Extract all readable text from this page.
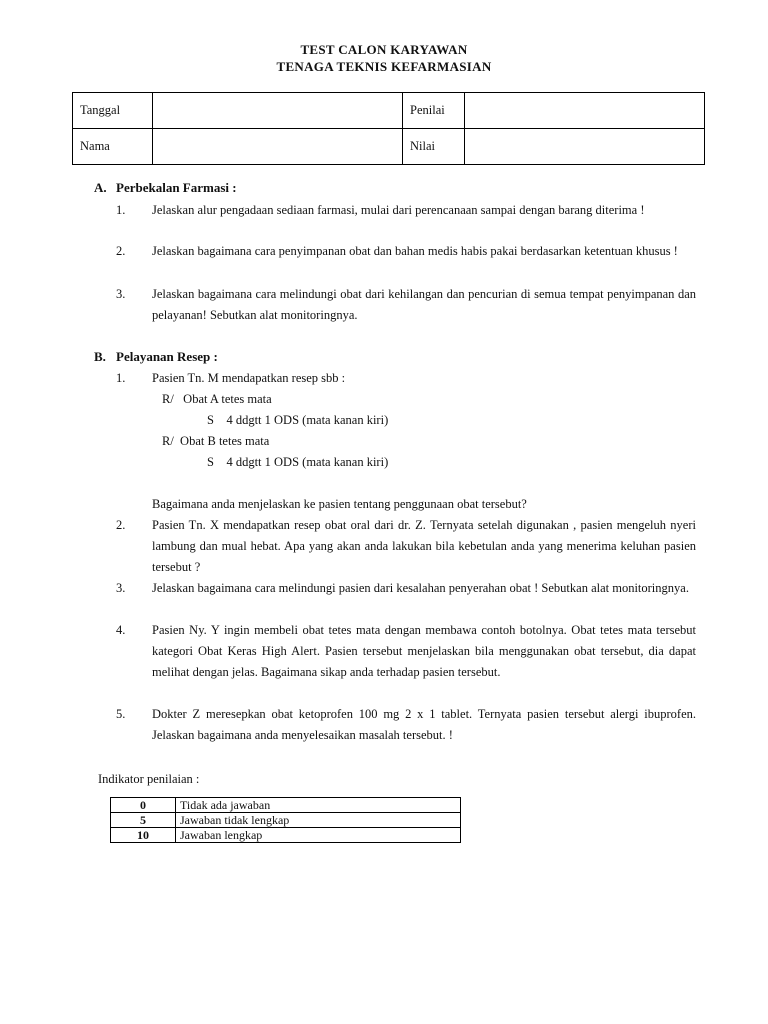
TEST CALON KARYAWAN
TENAGA TEKNIS KEFARMASIAN
Tanggal		Penilai	
Nama		Nilai	
A. Perbekalan Farmasi :
1. Jelaskan alur pengadaan sediaan farmasi, mulai dari perencanaan sampai dengan barang diterima !
2. Jelaskan bagaimana cara penyimpanan obat dan bahan medis habis pakai berdasarkan ketentuan khusus !
3. Jelaskan bagaimana cara melindungi obat dari kehilangan dan pencurian di semua tempat penyimpanan dan pelayanan! Sebutkan alat monitoringnya.
B. Pelayanan Resep :
1. Pasien Tn. M mendapatkan resep sbb :
R/   Obat A tetes mata
S    4 ddgtt 1 ODS (mata kanan kiri)
R/  Obat B tetes mata
S    4 ddgtt 1 ODS (mata kanan kiri)
Bagaimana anda menjelaskan ke pasien tentang penggunaan obat tersebut?
2. Pasien Tn. X mendapatkan resep obat oral dari dr. Z. Ternyata setelah digunakan , pasien mengeluh nyeri lambung dan mual hebat. Apa yang akan anda lakukan bila kebetulan anda yang menerima keluhan pasien tersebut ?
3. Jelaskan bagaimana cara melindungi pasien dari kesalahan penyerahan obat ! Sebutkan alat monitoringnya.
4. Pasien Ny. Y ingin membeli obat tetes mata dengan membawa contoh botolnya. Obat tetes mata tersebut kategori Obat Keras High Alert. Pasien tersebut menjelaskan bila menggunakan obat tersebut, dia dapat melihat dengan jelas. Bagaimana sikap anda terhadap pasien tersebut.
5. Dokter Z meresepkan obat ketoprofen 100 mg 2 x 1 tablet. Ternyata pasien tersebut alergi ibuprofen. Jelaskan bagaimana anda menyelesaikan masalah tersebut. !
Indikator penilaian :
0	Tidak ada jawaban
5	Jawaban tidak lengkap
10	Jawaban lengkap
